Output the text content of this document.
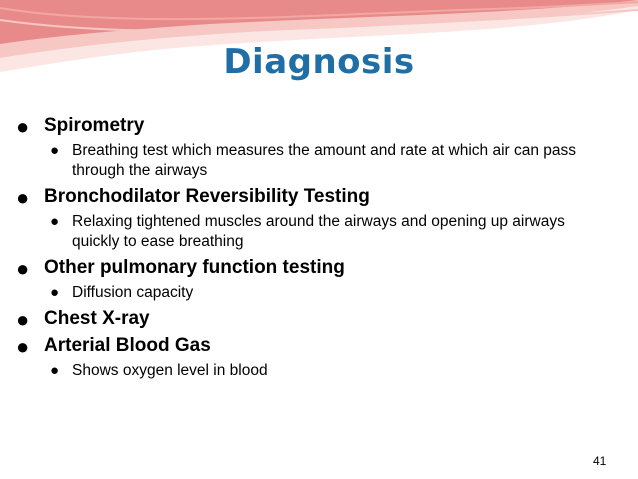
Diagnosis
● Spirometry
● Breathing test which measures the amount and rate at which air can pass through the airways
● Bronchodilator Reversibility Testing
● Relaxing tightened muscles around the airways and opening up airways quickly to ease breathing
● Other pulmonary function testing
● Diffusion capacity
● Chest X-ray
● Arterial Blood Gas
● Shows oxygen level in blood
41
